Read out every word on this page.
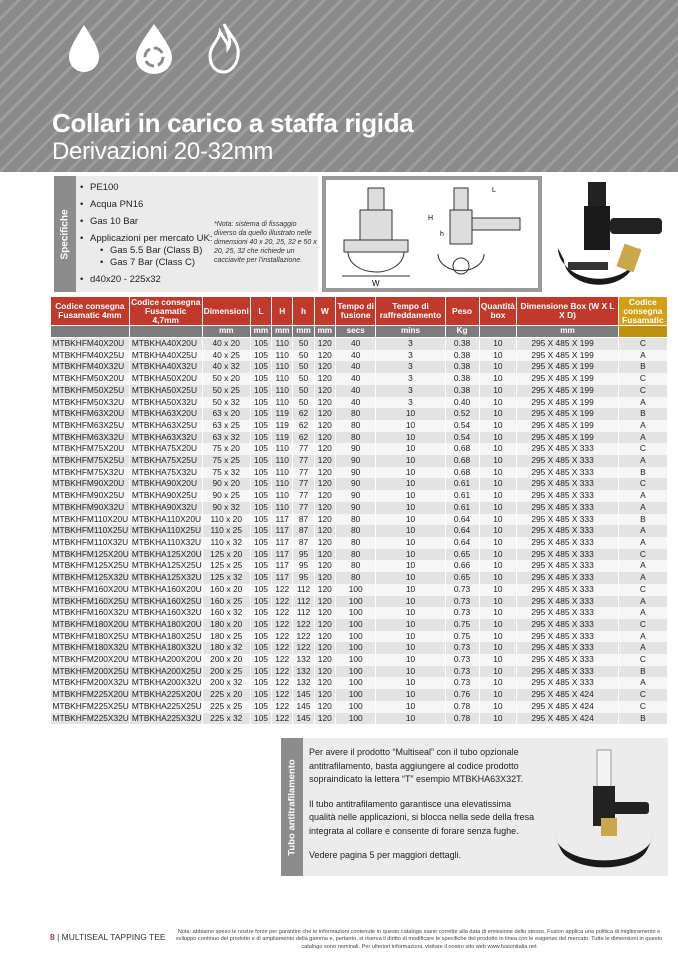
Collari in carico a staffa rigida
Derivazioni 20-32mm
Specifiche
• PE100
• Acqua PN16
• Gas 10 Bar
• Applicazioni per mercato UK:
• Gas 5.5 Bar (Class B)
• Gas 7 Bar (Class C)
• d40x20 - 225x32
*Nota: sistema di fissaggio diverso da quello illustrato nelle dimensioni 40 x 20, 25, 32 e 50 x 20, 25, 32 che richiede un cacciavite per l'installazione.
W
L
H
h
Codice consegna Fusamatic 4mm	Codice consegna Fusamatic 4,7mm	Dimensioni	L	H	h	W	Tempo di fusione	Tempo di raffreddamento	Peso	Quantità box	Dimensione Box (W X L X D)	Codice consegna Fusamatic
		mm	mm	mm	mm	mm	secs	mins	Kg		mm	
MTBKHFM40X20U	MTBKHA40X20U	40 x 20	105	110	50	120	40	3	0.38	10	295 X 485 X 199	C
MTBKHFM40X25U	MTBKHA40X25U	40 x 25	105	110	50	120	40	3	0.38	10	295 X 485 X 199	A
MTBKHFM40X32U	MTBKHA40X32U	40 x 32	105	110	50	120	40	3	0.38	10	295 X 485 X 199	B
MTBKHFM50X20U	MTBKHA50X20U	50 x 20	105	110	50	120	40	3	0.38	10	295 X 485 X 199	C
MTBKHFM50X25U	MTBKHA50X25U	50 x 25	105	110	50	120	40	3	0.38	10	295 X 485 X 199	C
MTBKHFM50X32U	MTBKHA50X32U	50 x 32	105	110	50	120	40	3	0.40	10	295 X 485 X 199	A
MTBKHFM63X20U	MTBKHA63X20U	63 x 20	105	119	62	120	80	10	0.52	10	295 X 485 X 199	B
MTBKHFM63X25U	MTBKHA63X25U	63 x 25	105	119	62	120	80	10	0.54	10	295 X 485 X 199	A
MTBKHFM63X32U	MTBKHA63X32U	63 x 32	105	119	62	120	80	10	0.54	10	295 X 485 X 199	A
MTBKHFM75X20U	MTBKHA75X20U	75 x 20	105	110	77	120	90	10	0.68	10	295 X 485 X 333	C
MTBKHFM75X25U	MTBKHA75X25U	75 x 25	105	110	77	120	90	10	0.68	10	295 X 485 X 333	A
MTBKHFM75X32U	MTBKHA75X32U	75 x 32	105	110	77	120	90	10	0.68	10	295 X 485 X 333	B
MTBKHFM90X20U	MTBKHA90X20U	90 x 20	105	110	77	120	90	10	0.61	10	295 X 485 X 333	C
MTBKHFM90X25U	MTBKHA90X25U	90 x 25	105	110	77	120	90	10	0.61	10	295 X 485 X 333	A
MTBKHFM90X32U	MTBKHA90X32U	90 x 32	105	110	77	120	90	10	0.61	10	295 X 485 X 333	A
MTBKHFM110X20U	MTBKHA110X20U	110 x 20	105	117	87	120	80	10	0.64	10	295 X 485 X 333	B
MTBKHFM110X25U	MTBKHA110X25U	110 x 25	105	117	87	120	80	10	0.64	10	295 X 485 X 333	A
MTBKHFM110X32U	MTBKHA110X32U	110 x 32	105	117	87	120	80	10	0.64	10	295 X 485 X 333	A
MTBKHFM125X20U	MTBKHA125X20U	125 x 20	105	117	95	120	80	10	0.65	10	295 X 485 X 333	C
MTBKHFM125X25U	MTBKHA125X25U	125 x 25	105	117	95	120	80	10	0.66	10	295 X 485 X 333	A
MTBKHFM125X32U	MTBKHA125X32U	125 x 32	105	117	95	120	80	10	0.65	10	295 X 485 X 333	A
MTBKHFM160X20U	MTBKHA160X20U	160 x 20	105	122	112	120	100	10	0.73	10	295 X 485 X 333	C
MTBKHFM160X25U	MTBKHA160X25U	160 x 25	105	122	112	120	100	10	0.73	10	295 X 485 X 333	A
MTBKHFM160X32U	MTBKHA160X32U	160 x 32	105	122	112	120	100	10	0.73	10	295 X 485 X 333	A
MTBKHFM180X20U	MTBKHA180X20U	180 x 20	105	122	122	120	100	10	0.75	10	295 X 485 X 333	C
MTBKHFM180X25U	MTBKHA180X25U	180 x 25	105	122	122	120	100	10	0.75	10	295 X 485 X 333	A
MTBKHFM180X32U	MTBKHA180X32U	180 x 32	105	122	122	120	100	10	0.73	10	295 X 485 X 333	A
MTBKHFM200X20U	MTBKHA200X20U	200 x 20	105	122	132	120	100	10	0.73	10	295 X 485 X 333	C
MTBKHFM200X25U	MTBKHA200X25U	200 x 25	105	122	132	120	100	10	0.73	10	295 X 485 X 333	B
MTBKHFM200X32U	MTBKHA200X32U	200 x 32	105	122	132	120	100	10	0.73	10	295 X 485 X 333	A
MTBKHFM225X20U	MTBKHA225X20U	225 x 20	105	122	145	120	100	10	0.76	10	295 X 485 X 424	C
MTBKHFM225X25U	MTBKHA225X25U	225 x 25	105	122	145	120	100	10	0.78	10	295 X 485 X 424	C
MTBKHFM225X32U	MTBKHA225X32U	225 x 32	105	122	145	120	100	10	0.78	10	295 X 485 X 424	B
Tubo antitrafilamento

Per avere il prodotto “Multiseal” con il tubo opzionale antitrafilamento, basta aggiungere al codice prodotto sopraindicato la lettera “T” esempio MTBKHA63X32T.

Il tubo antitrafilamento garantisce una elevatissima qualità nelle applicazioni, si blocca nella sede della fresa integrata al collare e consente di forare senza fughe.

Vedere pagina 5 per maggiori dettagli.

8 | MULTISEAL TAPPING TEE	Nota: abbiamo speso le nostre forze per garantire che le informazioni contenute in questo catalogo siano corrette alla data di emissione dello stesso. Fusion applica una politica di miglioramento e sviluppo continuo del prodotto e di ampliamento della gamma e, pertanto, si riserva il diritto di modificare le specifiche del prodotto in linea con le esigenze del mercato. Tutte le dimensioni in questo catalogo sono nominali. Per ulteriori informazioni, visitare il nostro sito web www.fusionitalia.net
